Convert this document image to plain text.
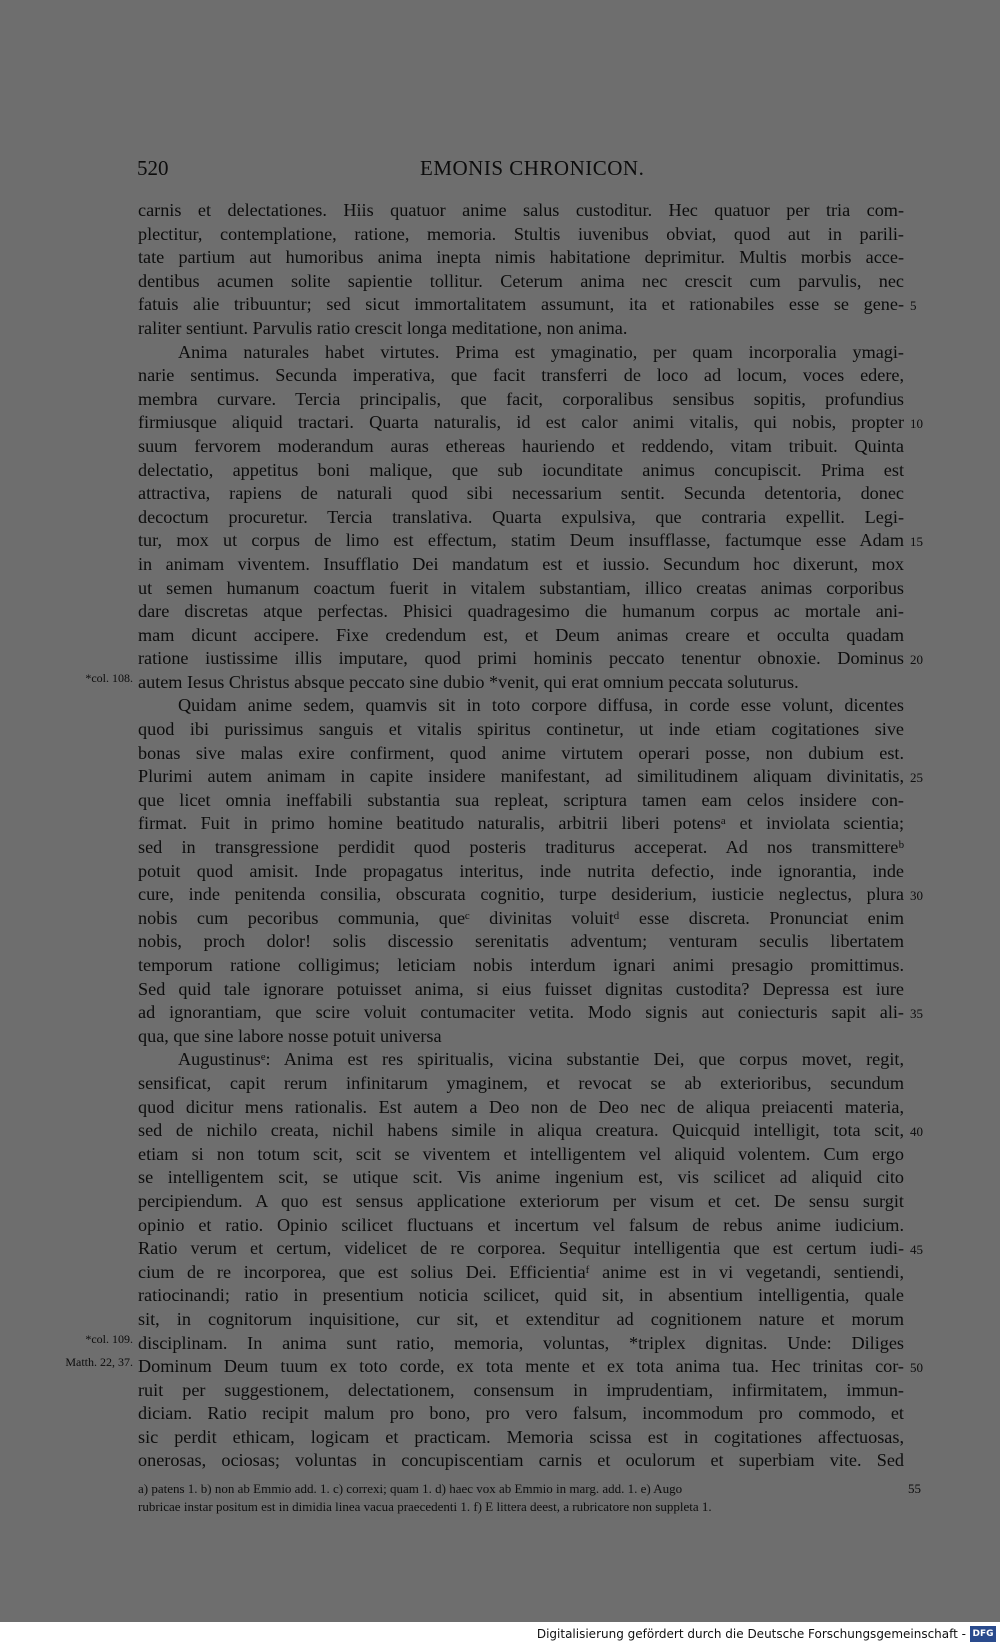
520	EMONIS CHRONICON.
carnis et delectationes. Hiis quatuor anime salus custoditur. Hec quatuor per tria com-
plectitur, contemplatione, ratione, memoria. Stultis iuvenibus obviat, quod aut in parili-
tate partium aut humoribus anima inepta nimis habitatione deprimitur. Multis morbis acce-
dentibus acumen solite sapientie tollitur. Ceterum anima nec crescit cum parvulis, nec
fatuis alie tribuuntur; sed sicut immortalitatem assumunt, ita et rationabiles esse se gene- 5
raliter sentiunt. Parvulis ratio crescit longa meditatione, non anima.
Anima naturales habet virtutes. Prima est ymaginatio, per quam incorporalia ymagi-
narie sentimus. Secunda imperativa, que facit transferri de loco ad locum, voces edere,
membra curvare. Tercia principalis, que facit, corporalibus sensibus sopitis, profundius
firmiusque aliquid tractari. Quarta naturalis, id est calor animi vitalis, qui nobis, propter 10
suum fervorem moderandum auras ethereas hauriendo et reddendo, vitam tribuit. Quinta
delectatio, appetitus boni malique, que sub iocunditate animus concupiscit. Prima est
attractiva, rapiens de naturali quod sibi necessarium sentit. Secunda detentoria, donec
decoctum procuretur. Tercia translativa. Quarta expulsiva, que contraria expellit. Legi-
tur, mox ut corpus de limo est effectum, statim Deum insufflasse, factumque esse Adam 15
in animam viventem. Insufflatio Dei mandatum est et iussio. Secundum hoc dixerunt, mox
ut semen humanum coactum fuerit in vitalem substantiam, illico creatas animas corporibus
dare discretas atque perfectas. Phisici quadragesimo die humanum corpus ac mortale ani-
mam dicunt accipere. Fixe credendum est, et Deum animas creare et occulta quadam
ratione iustissime illis imputare, quod primi hominis peccato tenentur obnoxie. Dominus 20
autem Iesus Christus absque peccato sine dubio *venit, qui erat omnium peccata soluturus.
*col. 108.
Quidam anime sedem, quamvis sit in toto corpore diffusa, in corde esse volunt, dicentes
quod ibi purissimus sanguis et vitalis spiritus continetur, ut inde etiam cogitationes sive
bonas sive malas exire confirment, quod anime virtutem operari posse, non dubium est.
Plurimi autem animam in capite insidere manifestant, ad similitudinem aliquam divinitatis, 25
que licet omnia ineffabili substantia sua repleat, scriptura tamen eam celos insidere con-
firmat. Fuit in primo homine beatitudo naturalis, arbitrii liberi potensᵃ et inviolata scientia;
sed in transgressione perdidit quod posteris traditurus acceperat. Ad nos transmittereᵇ
potuit quod amisit. Inde propagatus interitus, inde nutrita defectio, inde ignorantia, inde
cure, inde penitenda consilia, obscurata cognitio, turpe desiderium, iusticie neglectus, plura 30
nobis cum pecoribus communia, queᶜ divinitas voluitᵈ esse discreta. Pronunciat enim
nobis, proch dolor! solis discessio serenitatis adventum; venturam seculis libertatem
temporum ratione colligimus; leticiam nobis interdum ignari animi presagio promittimus.
Sed quid tale ignorare potuisset anima, si eius fuisset dignitas custodita? Depressa est iure
ad ignorantiam, que scire voluit contumaciter vetita. Modo signis aut coniecturis sapit ali- 35
qua, que sine labore nosse potuit universa
Augustinusᵉ: Anima est res spiritualis, vicina substantie Dei, que corpus movet, regit,
sensificat, capit rerum infinitarum ymaginem, et revocat se ab exterioribus, secundum
quod dicitur mens rationalis. Est autem a Deo non de Deo nec de aliqua preiacenti materia,
sed de nichilo creata, nichil habens simile in aliqua creatura. Quicquid intelligit, tota scit, 40
etiam si non totum scit, scit se viventem et intelligentem vel aliquid volentem. Cum ergo
se intelligentem scit, se utique scit. Vis anime ingenium est, vis scilicet ad aliquid cito
percipiendum. A quo est sensus applicatione exteriorum per visum et cet. De sensu surgit
opinio et ratio. Opinio scilicet fluctuans et incertum vel falsum de rebus anime iudicium.
Ratio verum et certum, videlicet de re corporea. Sequitur intelligentia que est certum iudi- 45
cium de re incorporea, que est solius Dei. Efficientiaᶠ anime est in vi vegetandi, sentiendi,
ratiocinandi; ratio in presentium noticia scilicet, quid sit, in absentium intelligentia, quale
sit, in cognitorum inquisitione, cur sit, et extenditur ad cognitionem nature et morum
disciplinam. In anima sunt ratio, memoria, voluntas, *triplex dignitas. Unde: Diliges
*col. 109.
Dominum Deum tuum ex toto corde, ex tota mente et ex tota anima tua. Hec trinitas cor- 50
Matth. 22, 37.
ruit per suggestionem, delectationem, consensum in imprudentiam, infirmitatem, immun-
diciam. Ratio recipit malum pro bono, pro vero falsum, incommodum pro commodo, et
sic perdit ethicam, logicam et practicam. Memoria scissa est in cogitationes affectuosas,
onerosas, ociosas; voluntas in concupiscentiam carnis et oculorum et superbiam vite. Sed
a) patens 1. b) non ab Emmio add. 1. c) correxi; quam 1. d) haec vox ab Emmio in marg. add. 1. e) Augo	55
rubricae instar positum est in dimidia linea vacua praecedenti 1. f) E littera deest, a rubricatore non suppleta 1.
Digitalisierung gefördert durch die Deutsche Forschungsgemeinschaft - DFG
